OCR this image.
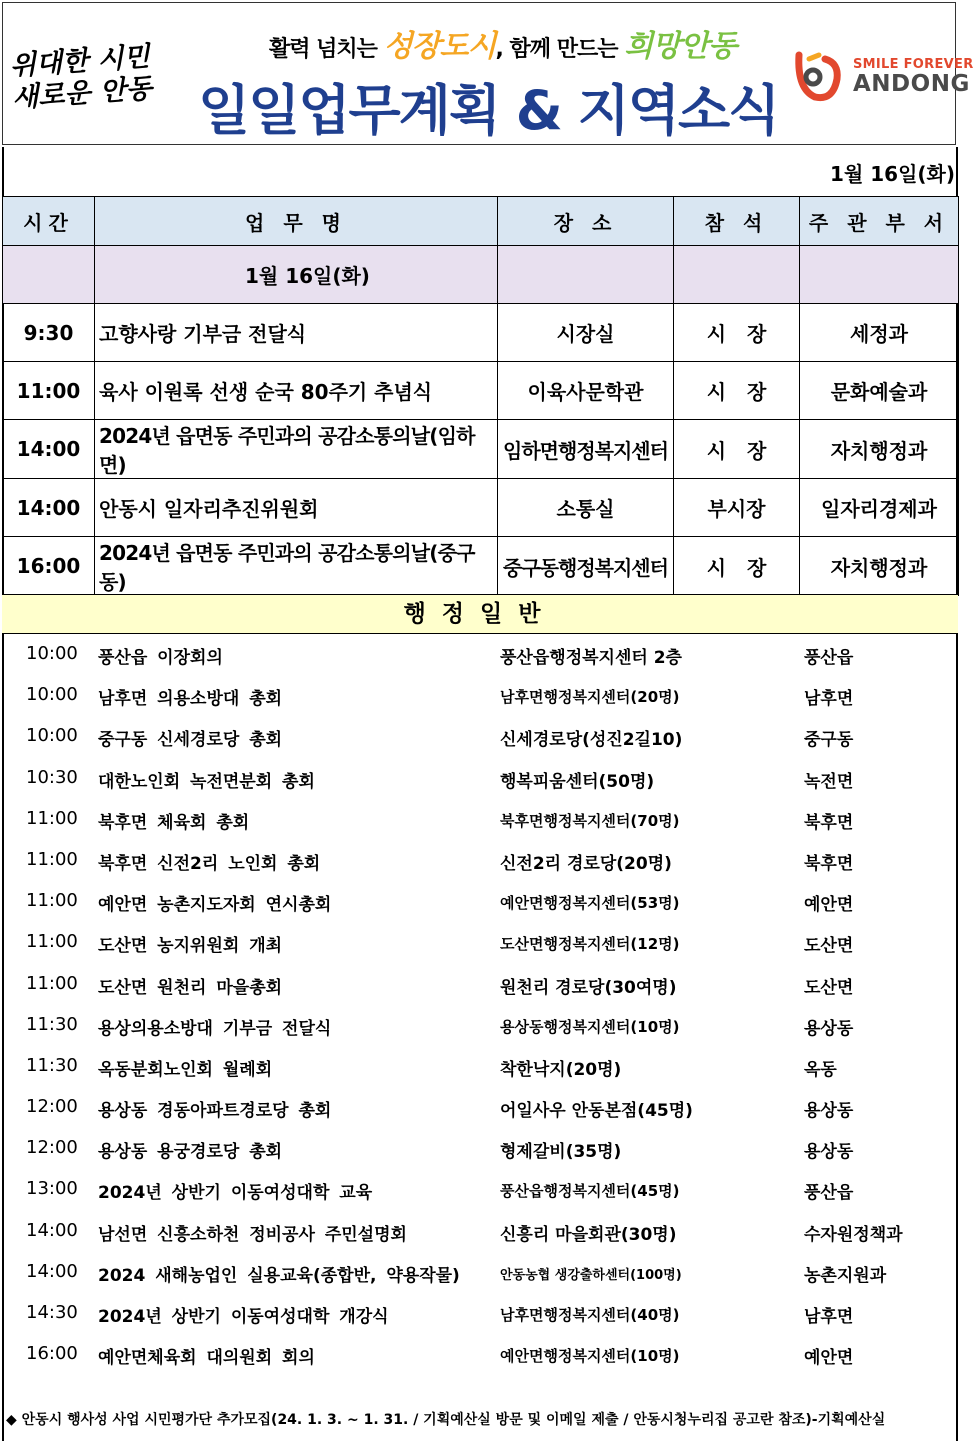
위대한 시민 새로운 안동
활력 넘치는 성장도시, 함께 만드는 희망안동
일일업무계획 & 지역소식
SMILE FOREVER
ANDONG
1월 16일(화)
시간	업 무 명	장 소	참 석	주 관 부 서
	1월 16일(화)			
9:30	고향사랑 기부금 전달식	시장실	시   장	세정과
11:00	육사 이원록 선생 순국 80주기 추념식	이육사문학관	시   장	문화예술과
14:00	2024년 읍면동 주민과의 공감소통의날(임하면)	임하면행정복지센터	시   장	자치행정과
14:00	안동시 일자리추진위원회	소통실	부시장	일자리경제과
16:00	2024년 읍면동 주민과의 공감소통의날(중구동)	중구동행정복지센터	시   장	자치행정과
행정일반
10:00 풍산읍 이장회의	풍산읍행정복지센터 2층	풍산읍
10:00 남후면 의용소방대 총회	남후면행정복지센터(20명)	남후면
10:00 중구동 신세경로당 총회	신세경로당(성진2길10)	중구동
10:30 대한노인회 녹전면분회 총회	행복피움센터(50명)	녹전면
11:00 북후면 체육회 총회	북후면행정복지센터(70명)	북후면
11:00 북후면 신전2리 노인회 총회	신전2리 경로당(20명)	북후면
11:00 예안면 농촌지도자회 연시총회	예안면행정복지센터(53명)	예안면
11:00 도산면 농지위원회 개최	도산면행정복지센터(12명)	도산면
11:00 도산면 원천리 마을총회	원천리 경로당(30여명)	도산면
11:30 용상의용소방대 기부금 전달식	용상동행정복지센터(10명)	용상동
11:30 옥동분회노인회 월례회	착한낙지(20명)	옥동
12:00 용상동 경동아파트경로당 총회	어일사우 안동본점(45명)	용상동
12:00 용상동 용궁경로당 총회	형제갈비(35명)	용상동
13:00 2024년 상반기 이동여성대학 교육	풍산읍행정복지센터(45명)	풍산읍
14:00 남선면 신흥소하천 정비공사 주민설명회	신흥리 마을회관(30명)	수자원정책과
14:00 2024 새해농업인 실용교육(종합반, 약용작물)	안동농협 생강출하센터(100명)	농촌지원과
14:30 2024년 상반기 이동여성대학 개강식	남후면행정복지센터(40명)	남후면
16:00 예안면체육회 대의원회 회의	예안면행정복지센터(10명)	예안면
◆ 안동시 행사성 사업 시민평가단 추가모집(24. 1. 3. ~ 1. 31. / 기획예산실 방문 및 이메일 제출 / 안동시청누리집 공고란 참조)-기획예산실
